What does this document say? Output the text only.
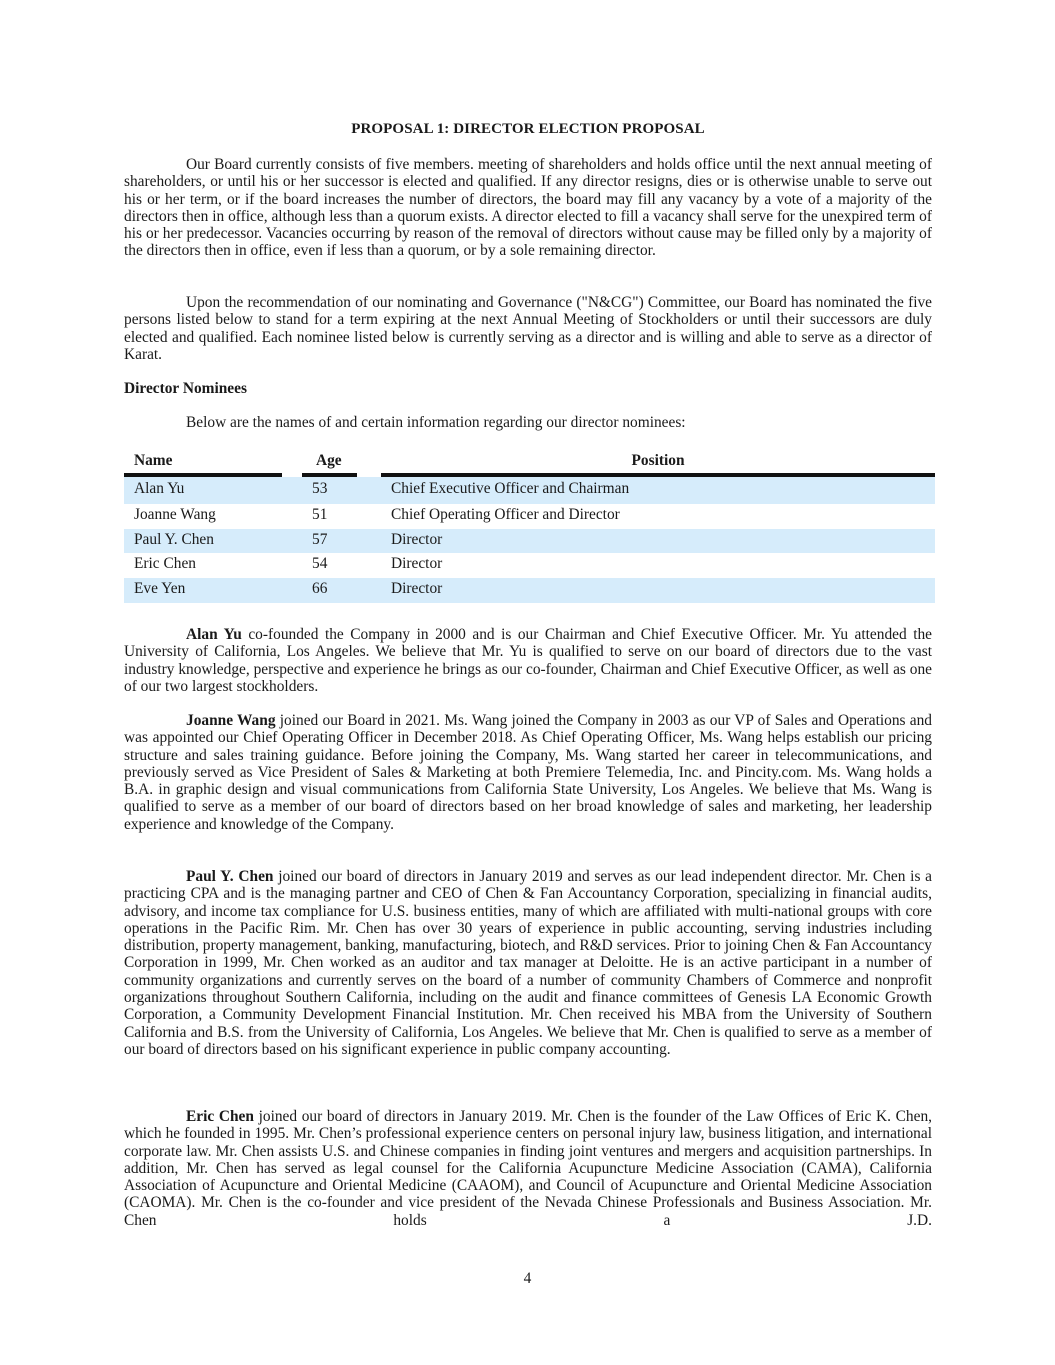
PROPOSAL 1: DIRECTOR ELECTION PROPOSAL

Our Board currently consists of five members. meeting of shareholders and holds office until the next annual meeting of shareholders, or until his or her successor is elected and qualified. If any director resigns, dies or is otherwise unable to serve out his or her term, or if the board increases the number of directors, the board may fill any vacancy by a vote of a majority of the directors then in office, although less than a quorum exists. A director elected to fill a vacancy shall serve for the unexpired term of his or her predecessor. Vacancies occurring by reason of the removal of directors without cause may be filled only by a majority of the directors then in office, even if less than a quorum, or by a sole remaining director.

Upon the recommendation of our nominating and Governance ("N&CG") Committee, our Board has nominated the five persons listed below to stand for a term expiring at the next Annual Meeting of Stockholders or until their successors are duly elected and qualified. Each nominee listed below is currently serving as a director and is willing and able to serve as a director of Karat.

Director Nominees
Below are the names of and certain information regarding our director nominees:
Name	Age	Position
Alan Yu	53	Chief Executive Officer and Chairman
Joanne Wang	51	Chief Operating Officer and Director
Paul Y. Chen	57	Director
Eric Chen	54	Director
Eve Yen	66	Director

Alan Yu co-founded the Company in 2000 and is our Chairman and Chief Executive Officer. Mr. Yu attended the University of California, Los Angeles. We believe that Mr. Yu is qualified to serve on our board of directors due to the vast industry knowledge, perspective and experience he brings as our co-founder, Chairman and Chief Executive Officer, as well as one of our two largest stockholders.

Joanne Wang joined our Board in 2021. Ms. Wang joined the Company in 2003 as our VP of Sales and Operations and was appointed our Chief Operating Officer in December 2018. As Chief Operating Officer, Ms. Wang helps establish our pricing structure and sales training guidance. Before joining the Company, Ms. Wang started her career in telecommunications, and previously served as Vice President of Sales & Marketing at both Premiere Telemedia, Inc. and Pincity.com. Ms. Wang holds a B.A. in graphic design and visual communications from California State University, Los Angeles. We believe that Ms. Wang is qualified to serve as a member of our board of directors based on her broad knowledge of sales and marketing, her leadership experience and knowledge of the Company.

Paul Y. Chen joined our board of directors in January 2019 and serves as our lead independent director. Mr. Chen is a practicing CPA and is the managing partner and CEO of Chen & Fan Accountancy Corporation, specializing in financial audits, advisory, and income tax compliance for U.S. business entities, many of which are affiliated with multi-national groups with core operations in the Pacific Rim. Mr. Chen has over 30 years of experience in public accounting, serving industries including distribution, property management, banking, manufacturing, biotech, and R&D services. Prior to joining Chen & Fan Accountancy Corporation in 1999, Mr. Chen worked as an auditor and tax manager at Deloitte. He is an active participant in a number of community organizations and currently serves on the board of a number of community Chambers of Commerce and nonprofit organizations throughout Southern California, including on the audit and finance committees of Genesis LA Economic Growth Corporation, a Community Development Financial Institution. Mr. Chen received his MBA from the University of Southern California and B.S. from the University of California, Los Angeles. We believe that Mr. Chen is qualified to serve as a member of our board of directors based on his significant experience in public company accounting.

Eric Chen joined our board of directors in January 2019. Mr. Chen is the founder of the Law Offices of Eric K. Chen, which he founded in 1995. Mr. Chen’s professional experience centers on personal injury law, business litigation, and international corporate law. Mr. Chen assists U.S. and Chinese companies in finding joint ventures and mergers and acquisition partnerships. In addition, Mr. Chen has served as legal counsel for the California Acupuncture Medicine Association (CAMA), California Association of Acupuncture and Oriental Medicine (CAAOM), and Council of Acupuncture and Oriental Medicine Association (CAOMA). Mr. Chen is the co-founder and vice president of the Nevada Chinese Professionals and Business Association. Mr. Chen holds a J.D.

4
